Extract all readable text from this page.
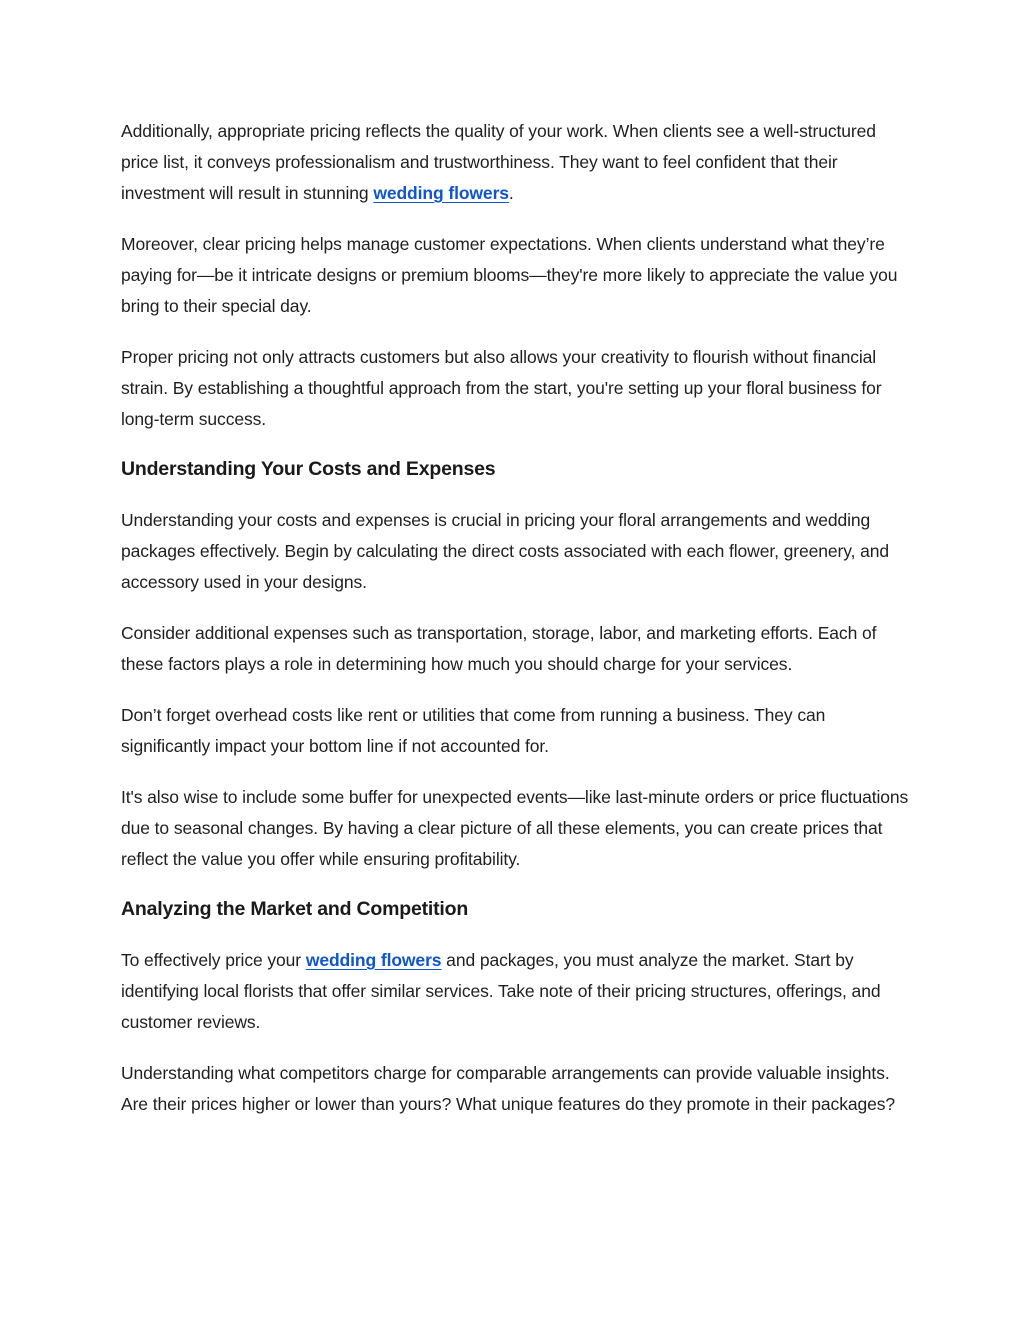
Additionally, appropriate pricing reflects the quality of your work. When clients see a well-structured price list, it conveys professionalism and trustworthiness. They want to feel confident that their investment will result in stunning wedding flowers.

Moreover, clear pricing helps manage customer expectations. When clients understand what they’re paying for—be it intricate designs or premium blooms—they're more likely to appreciate the value you bring to their special day.

Proper pricing not only attracts customers but also allows your creativity to flourish without financial strain. By establishing a thoughtful approach from the start, you're setting up your floral business for long-term success.

Understanding Your Costs and Expenses

Understanding your costs and expenses is crucial in pricing your floral arrangements and wedding packages effectively. Begin by calculating the direct costs associated with each flower, greenery, and accessory used in your designs.

Consider additional expenses such as transportation, storage, labor, and marketing efforts. Each of these factors plays a role in determining how much you should charge for your services.

Don’t forget overhead costs like rent or utilities that come from running a business. They can significantly impact your bottom line if not accounted for.

It's also wise to include some buffer for unexpected events—like last-minute orders or price fluctuations due to seasonal changes. By having a clear picture of all these elements, you can create prices that reflect the value you offer while ensuring profitability.

Analyzing the Market and Competition

To effectively price your wedding flowers and packages, you must analyze the market. Start by identifying local florists that offer similar services. Take note of their pricing structures, offerings, and customer reviews.

Understanding what competitors charge for comparable arrangements can provide valuable insights. Are their prices higher or lower than yours? What unique features do they promote in their packages?
